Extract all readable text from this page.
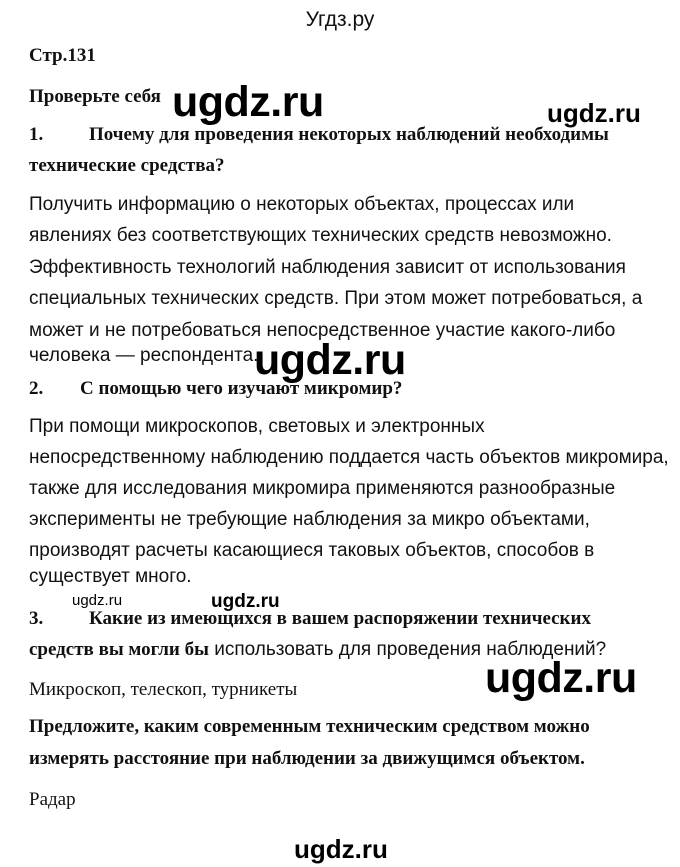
Угдз.ру
Стр.131
Проверьте себя
1. Почему для проведения некоторых наблюдений необходимы
технические средства?
Получить информацию о некоторых объектах, процессах или
явлениях без соответствующих технических средств невозможно.
Эффективность технологий наблюдения зависит от использования
специальных технических средств. При этом может потребоваться, а
может и не потребоваться непосредственное участие какого-либо
человека — респондента.
2. С помощью чего изучают микромир?
При помощи микроскопов, световых и электронных
непосредственному наблюдению поддается часть объектов микромира,
также для исследования микромира применяются разнообразные
эксперименты не требующие наблюдения за микро объектами,
производят расчеты касающиеся таковых объектов, способов в
существует много.
3. Какие из имеющихся в вашем распоряжении технических
средств вы могли бы использовать для проведения наблюдений?
Микроскоп, телескоп, турникеты
Предложите, каким современным техническим средством можно
измерять расстояние при наблюдении за движущимся объектом.
Радар
ugdz.ru	ugdz.ru
ugdz.ru
ugdz.ru	ugdz.ru
ugdz.ru
ugdz.ru
